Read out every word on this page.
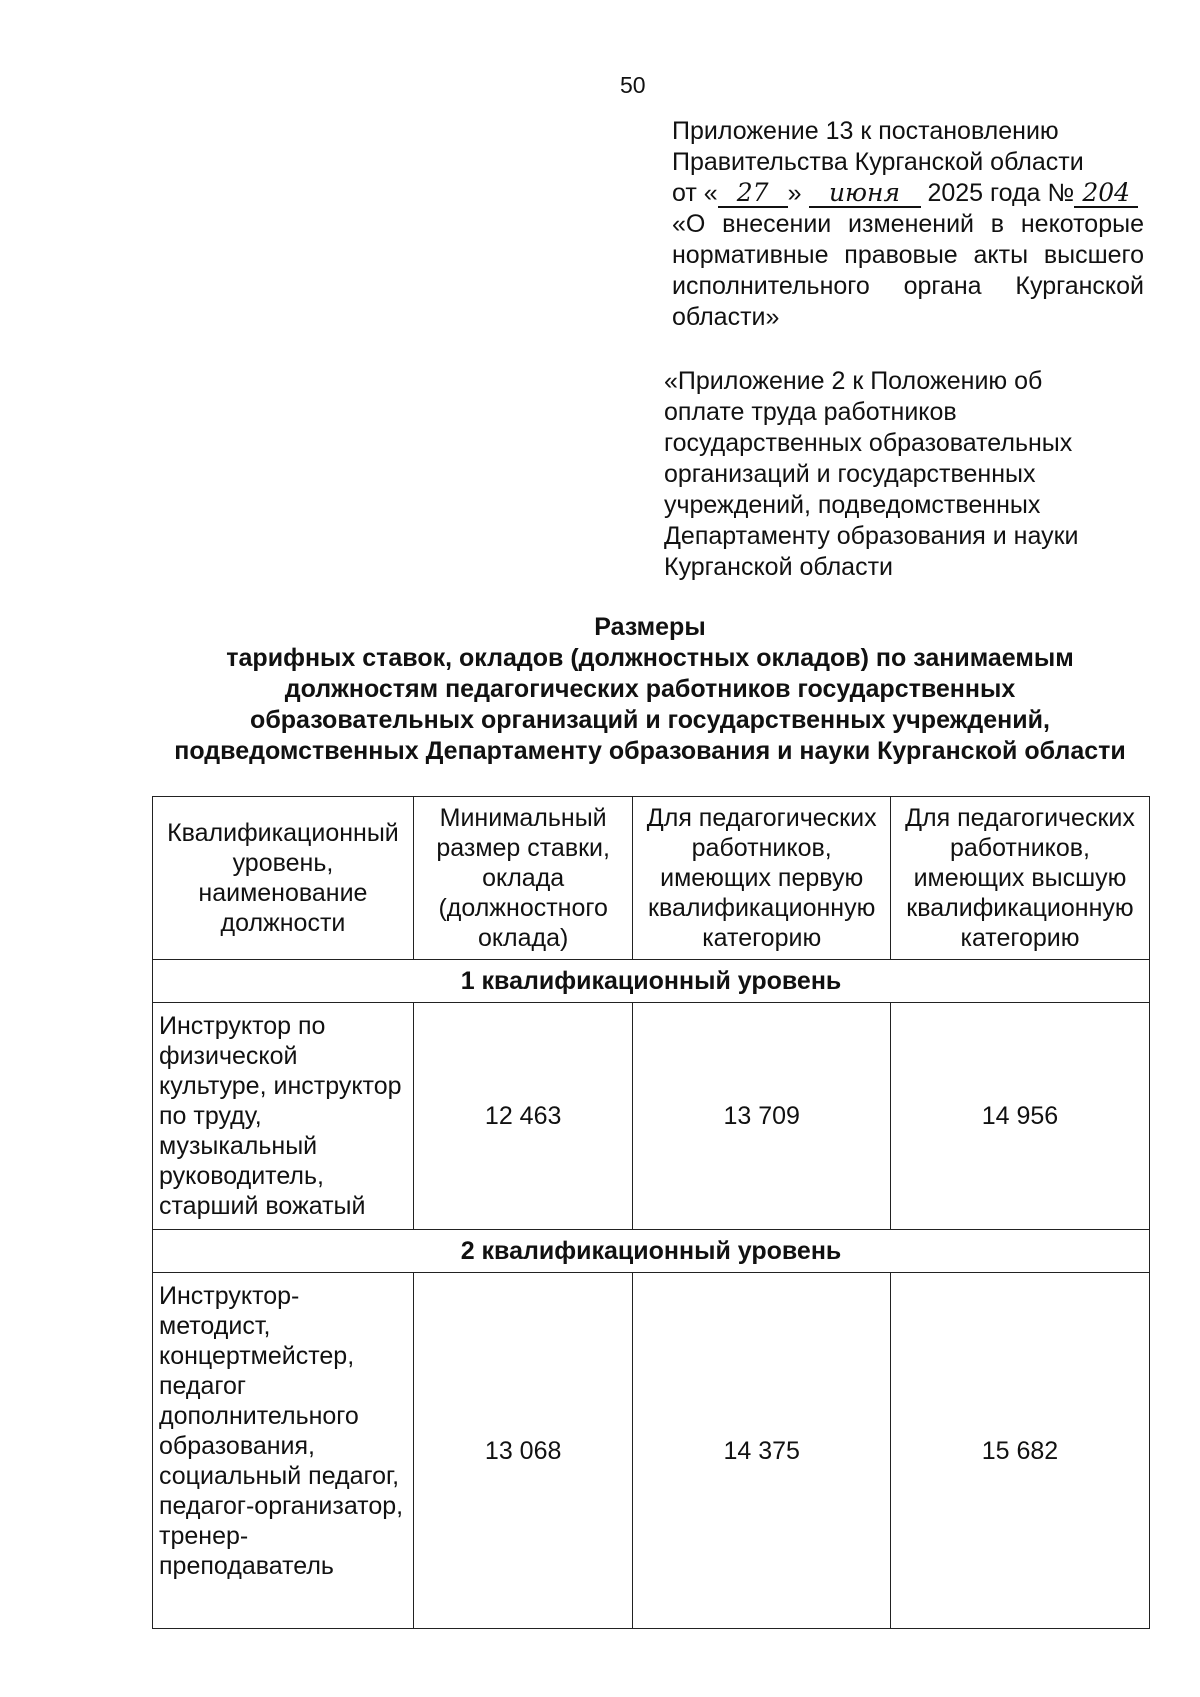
50
Приложение 13 к постановлению
Правительства Курганской области
от « 27 » июня 2025 года № 204
«О внесении изменений в некоторые
нормативные правовые акты высшего
исполнительного органа Курганской
области»
«Приложение 2 к Положению об
оплате труда работников
государственных образовательных
организаций и государственных
учреждений, подведомственных
Департаменту образования и науки
Курганской области
Размеры
тарифных ставок, окладов (должностных окладов) по занимаемым
должностям педагогических работников государственных
образовательных организаций и государственных учреждений,
подведомственных Департаменту образования и науки Курганской области
Квалификационный уровень, наименование должности	Минимальный размер ставки, оклада (должностного оклада)	Для педагогических работников, имеющих первую квалификационную категорию	Для педагогических работников, имеющих высшую квалификационную категорию
1 квалификационный уровень			
Инструктор по физической культуре, инструктор по труду, музыкальный руководитель, старший вожатый	12 463	13 709	14 956
2 квалификационный уровень			
Инструктор-методист, концертмейстер, педагог дополнительного образования, социальный педагог, педагог-организатор, тренер-преподаватель	13 068	14 375	15 682
